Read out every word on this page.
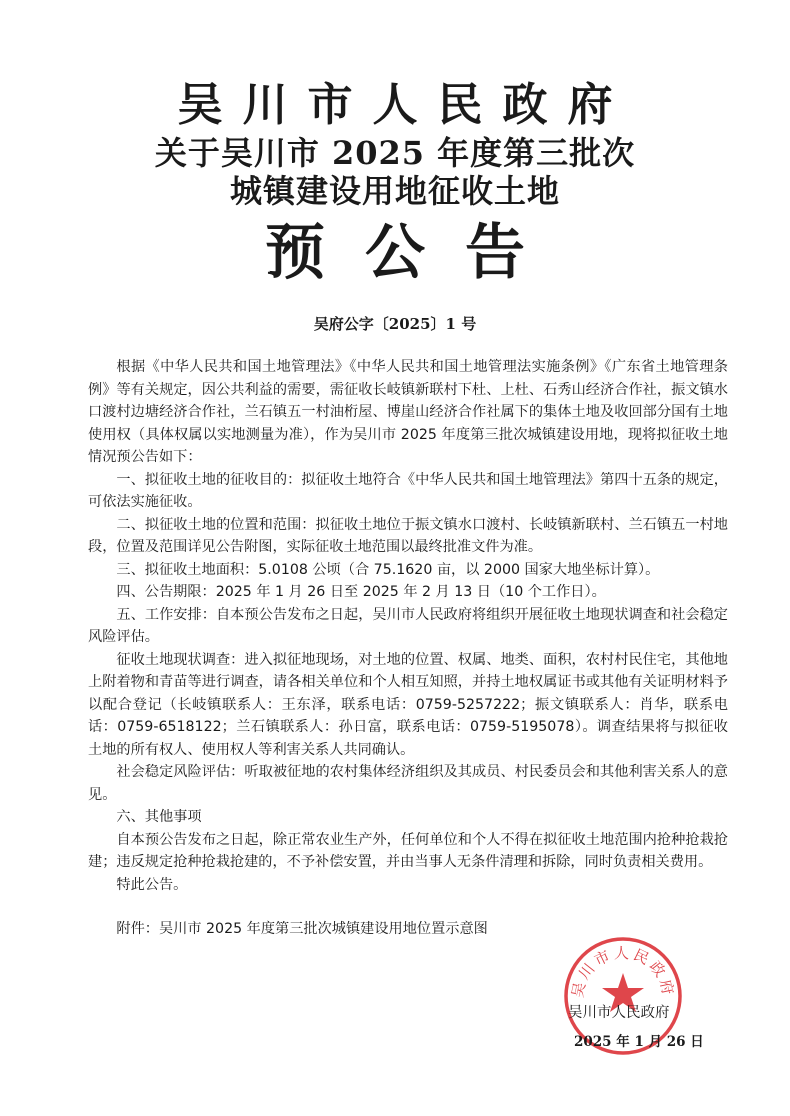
吴川市人民政府
关于吴川市 2025 年度第三批次
城镇建设用地征收土地
预公告
吴府公字〔2025〕1 号

根据《中华人民共和国土地管理法》《中华人民共和国土地管理法实施条例》《广东省土地管理条例》等有关规定，因公共利益的需要，需征收长岐镇新联村下杜、上杜、石秀山经济合作社，振文镇水口渡村边塘经济合作社，兰石镇五一村油桁屋、博崖山经济合作社属下的集体土地及收回部分国有土地使用权（具体权属以实地测量为准），作为吴川市 2025 年度第三批次城镇建设用地，现将拟征收土地情况预公告如下：

一、拟征收土地的征收目的：拟征收土地符合《中华人民共和国土地管理法》第四十五条的规定，可依法实施征收。

二、拟征收土地的位置和范围：拟征收土地位于振文镇水口渡村、长岐镇新联村、兰石镇五一村地段，位置及范围详见公告附图，实际征收土地范围以最终批准文件为准。

三、拟征收土地面积：5.0108 公顷（合 75.1620 亩，以 2000 国家大地坐标计算）。

四、公告期限：2025 年 1 月 26 日至 2025 年 2 月 13 日（10 个工作日）。

五、工作安排：自本预公告发布之日起，吴川市人民政府将组织开展征收土地现状调查和社会稳定风险评估。

征收土地现状调查：进入拟征地现场，对土地的位置、权属、地类、面积，农村村民住宅，其他地上附着物和青苗等进行调查，请各相关单位和个人相互知照，并持土地权属证书或其他有关证明材料予以配合登记（长岐镇联系人：王东泽，联系电话：0759-5257222；振文镇联系人：肖华，联系电话：0759-6518122；兰石镇联系人：孙日富，联系电话：0759-5195078）。调查结果将与拟征收土地的所有权人、使用权人等利害关系人共同确认。

社会稳定风险评估：听取被征地的农村集体经济组织及其成员、村民委员会和其他利害关系人的意见。

六、其他事项

自本预公告发布之日起，除正常农业生产外，任何单位和个人不得在拟征收土地范围内抢种抢栽抢建；违反规定抢种抢栽抢建的，不予补偿安置，并由当事人无条件清理和拆除，同时负责相关费用。

特此公告。

附件：吴川市 2025 年度第三批次城镇建设用地位置示意图

吴川市人民政府
吴川市人民政府
2025 年 1 月 26 日
